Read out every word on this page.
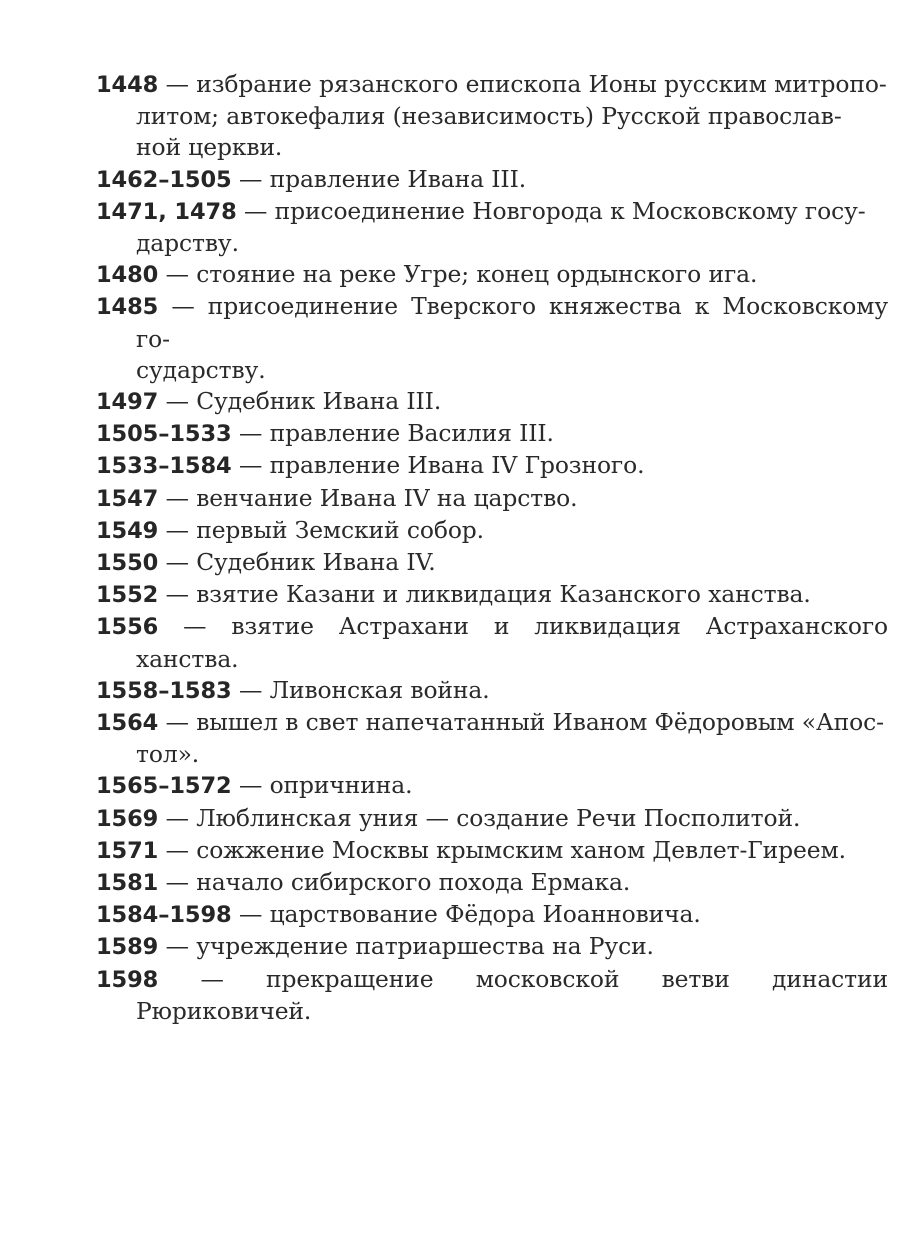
1448 — избрание рязанского епископа Ионы русским митропо-
литом; автокефалия (независимость) Русской православ-
ной церкви.
1462–1505 — правление Ивана III.
1471, 1478 — присоединение Новгорода к Московскому госу-
дарству.
1480 — стояние на реке Угре; конец ордынского ига.
1485 — присоединение Тверского княжества к Московскому го-
сударству.
1497 — Судебник Ивана III.
1505–1533 — правление Василия III.
1533–1584 — правление Ивана IV Грозного.
1547 — венчание Ивана IV на царство.
1549 — первый Земский собор.
1550 — Судебник Ивана IV.
1552 — взятие Казани и ликвидация Казанского ханства.
1556 — взятие Астрахани и ликвидация Астраханского ханства.
1558–1583 — Ливонская война.
1564 — вышел в свет напечатанный Иваном Фёдоровым «Апос-
тол».
1565–1572 — опричнина.
1569 — Люблинская уния — создание Речи Посполитой.
1571 — сожжение Москвы крымским ханом Девлет-Гиреем.
1581 — начало сибирского похода Ермака.
1584–1598 — царствование Фёдора Иоанновича.
1589 — учреждение патриаршества на Руси.
1598 — прекращение московской ветви династии Рюриковичей.
